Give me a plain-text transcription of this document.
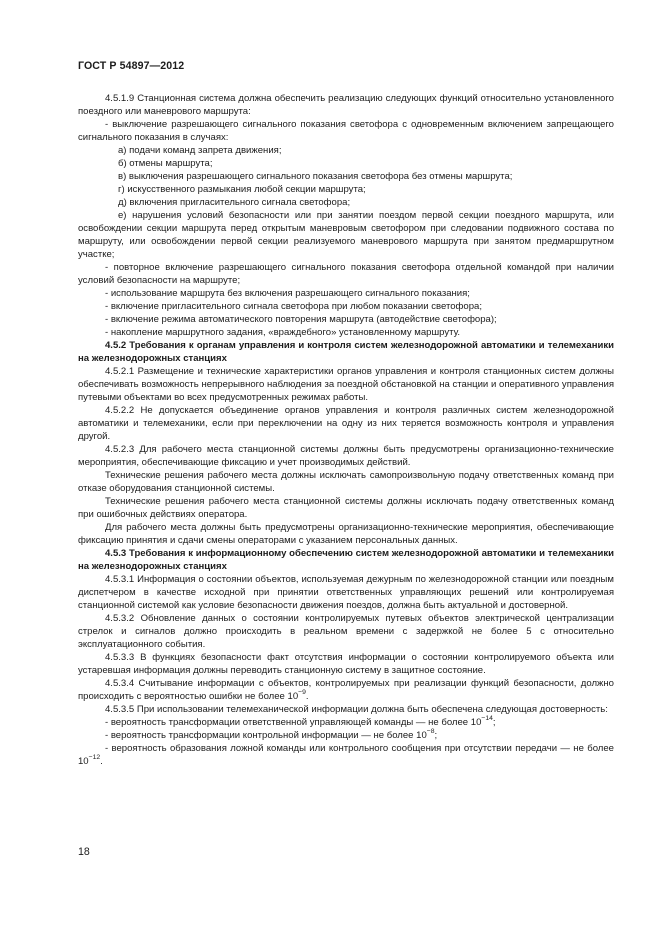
ГОСТ Р 54897—2012

4.5.1.9 Станционная система должна обеспечить реализацию следующих функций относительно установленного поездного или маневрового маршрута:

- выключение разрешающего сигнального показания светофора с одновременным включением запрещающего сигнального показания в случаях:

а) подачи команд запрета движения;

б) отмены маршрута;

в) выключения разрешающего сигнального показания светофора без отмены маршрута;

г) искусственного размыкания любой секции маршрута;

д) включения пригласительного сигнала светофора;

е) нарушения условий безопасности или при занятии поездом первой секции поездного маршрута, или освобождении секции маршрута перед открытым маневровым светофором при следовании подвижного состава по маршруту, или освобождении первой секции реализуемого маневрового маршрута при занятом предмаршрутном участке;

- повторное включение разрешающего сигнального показания светофора отдельной командой при наличии условий безопасности на маршруте;

- использование маршрута без включения разрешающего сигнального показания;

- включение пригласительного сигнала светофора при любом показании светофора;

- включение режима автоматического повторения маршрута (автодействие светофора);

- накопление маршрутного задания, «враждебного» установленному маршруту.

4.5.2 Требования к органам управления и контроля систем железнодорожной автоматики и телемеханики на железнодорожных станциях

4.5.2.1 Размещение и технические характеристики органов управления и контроля станционных систем должны обеспечивать возможность непрерывного наблюдения за поездной обстановкой на станции и оперативного управления путевыми объектами во всех предусмотренных режимах работы.

4.5.2.2 Не допускается объединение органов управления и контроля различных систем железнодорожной автоматики и телемеханики, если при переключении на одну из них теряется возможность контроля и управления другой.

4.5.2.3 Для рабочего места станционной системы должны быть предусмотрены организационно-технические мероприятия, обеспечивающие фиксацию и учет производимых действий.

Технические решения рабочего места должны исключать самопроизвольную подачу ответственных команд при отказе оборудования станционной системы.

Технические решения рабочего места станционной системы должны исключать подачу ответственных команд при ошибочных действиях оператора.

Для рабочего места должны быть предусмотрены организационно-технические мероприятия, обеспечивающие фиксацию принятия и сдачи смены операторами с указанием персональных данных.

4.5.3 Требования к информационному обеспечению систем железнодорожной автоматики и телемеханики на железнодорожных станциях

4.5.3.1 Информация о состоянии объектов, используемая дежурным по железнодорожной станции или поездным диспетчером в качестве исходной при принятии ответственных управляющих решений или контролируемая станционной системой как условие безопасности движения поездов, должна быть актуальной и достоверной.

4.5.3.2 Обновление данных о состоянии контролируемых путевых объектов электрической централизации стрелок и сигналов должно происходить в реальном времени с задержкой не более 5 с относительно эксплуатационного события.

4.5.3.3 В функциях безопасности факт отсутствия информации о состоянии контролируемого объекта или устаревшая информация должны переводить станционную систему в защитное состояние.

4.5.3.4 Считывание информации с объектов, контролируемых при реализации функций безопасности, должно происходить с вероятностью ошибки не более $10^{-9}$.

4.5.3.5 При использовании телемеханической информации должна быть обеспечена следующая достоверность:

- вероятность трансформации ответственной управляющей команды — не более $10^{-14}$;

- вероятность трансформации контрольной информации — не более $10^{-8}$;

- вероятность образования ложной команды или контрольного сообщения при отсутствии передачи — не более $10^{-12}$.

18
